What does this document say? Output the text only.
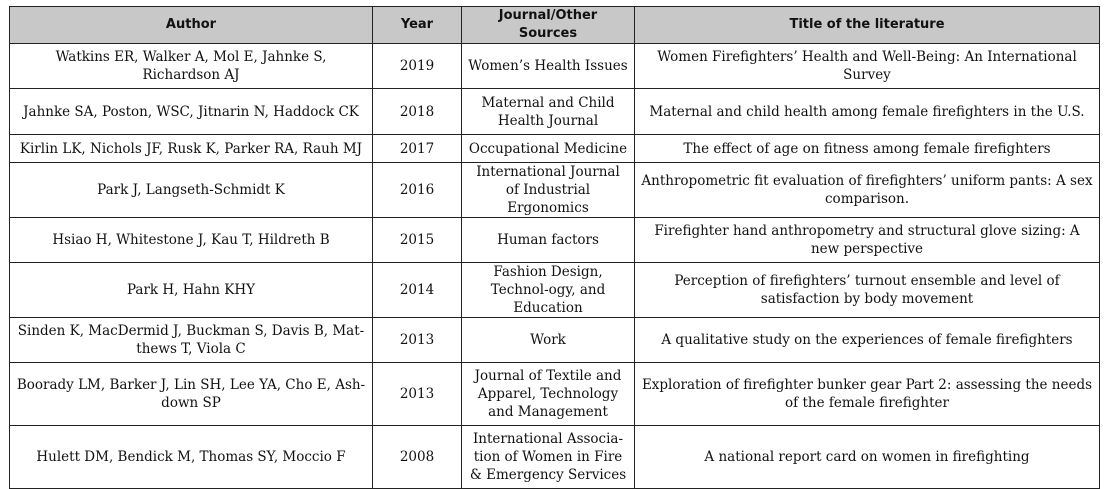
Author	Year	Journal/Other Sources	Title of the literature
Watkins ER, Walker A, Mol E, Jahnke S, Richardson AJ	2019	Women’s Health Issues	Women Firefighters’ Health and Well-Being: An International Survey
Jahnke SA, Poston, WSC, Jitnarin N, Haddock CK	2018	Maternal and Child Health Journal	Maternal and child health among female firefighters in the U.S.
Kirlin LK, Nichols JF, Rusk K, Parker RA, Rauh MJ	2017	Occupational Medicine	The effect of age on fitness among female firefighters
Park J, Langseth-Schmidt K	2016	International Journal of Industrial Ergonomics	Anthropometric fit evaluation of firefighters’ uniform pants: A sex comparison.
Hsiao H, Whitestone J, Kau T, Hildreth B	2015	Human factors	Firefighter hand anthropometry and structural glove sizing: A new perspective
Park H, Hahn KHY	2014	Fashion Design, Technol-ogy, and Education	Perception of firefighters’ turnout ensemble and level of satisfaction by body movement
Sinden K, MacDermid J, Buckman S, Davis B, Mat-thews T, Viola C	2013	Work	A qualitative study on the experiences of female firefighters
Boorady LM, Barker J, Lin SH, Lee YA, Cho E, Ash-down SP	2013	Journal of Textile and Apparel, Technology and Management	Exploration of firefighter bunker gear Part 2: assessing the needs of the female firefighter
Hulett DM, Bendick M, Thomas SY, Moccio F	2008	International Associa-tion of Women in Fire & Emergency Services	A national report card on women in firefighting
